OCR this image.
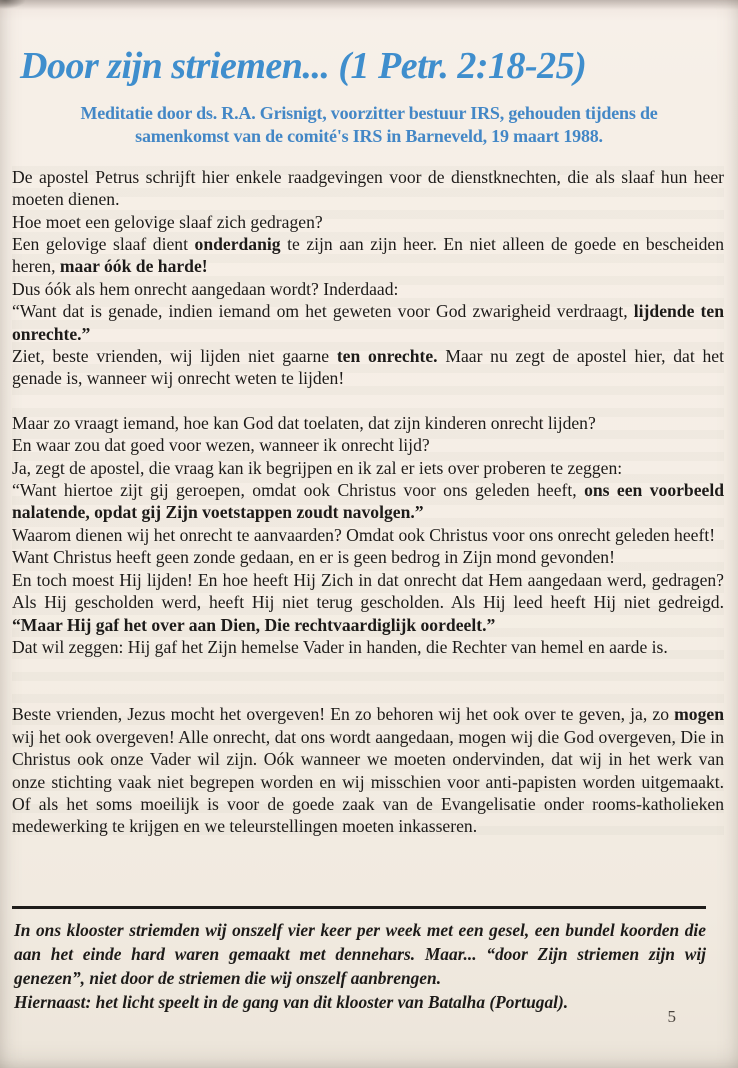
Door zijn striemen... (1 Petr. 2:18-25)
Meditatie door ds. R.A. Grisnigt, voorzitter bestuur IRS, gehouden tijdens de samenkomst van de comité's IRS in Barneveld, 19 maart 1988.

De apostel Petrus schrijft hier enkele raadgevingen voor de dienstknechten, die als slaaf hun heer moeten dienen.

Hoe moet een gelovige slaaf zich gedragen?

Een gelovige slaaf dient onderdanig te zijn aan zijn heer. En niet alleen de goede en bescheiden heren, maar óók de harde!

Dus óók als hem onrecht aangedaan wordt? Inderdaad:

“Want dat is genade, indien iemand om het geweten voor God zwarigheid verdraagt, lijdende ten onrechte.”

Ziet, beste vrienden, wij lijden niet gaarne ten onrechte. Maar nu zegt de apostel hier, dat het genade is, wanneer wij onrecht weten te lijden!

Maar zo vraagt iemand, hoe kan God dat toelaten, dat zijn kinderen onrecht lijden?

En waar zou dat goed voor wezen, wanneer ik onrecht lijd?

Ja, zegt de apostel, die vraag kan ik begrijpen en ik zal er iets over proberen te zeggen:

“Want hiertoe zijt gij geroepen, omdat ook Christus voor ons geleden heeft, ons een voorbeeld nalatende, opdat gij Zijn voetstappen zoudt navolgen.”

Waarom dienen wij het onrecht te aanvaarden? Omdat ook Christus voor ons onrecht geleden heeft!

Want Christus heeft geen zonde gedaan, en er is geen bedrog in Zijn mond gevonden!

En toch moest Hij lijden! En hoe heeft Hij Zich in dat onrecht dat Hem aangedaan werd, gedragen? Als Hij gescholden werd, heeft Hij niet terug gescholden. Als Hij leed heeft Hij niet gedreigd. “Maar Hij gaf het over aan Dien, Die rechtvaardiglijk oordeelt.”

Dat wil zeggen: Hij gaf het Zijn hemelse Vader in handen, die Rechter van hemel en aarde is.

Beste vrienden, Jezus mocht het overgeven! En zo behoren wij het ook over te geven, ja, zo mogen wij het ook overgeven! Alle onrecht, dat ons wordt aangedaan, mogen wij die God overgeven, Die in Christus ook onze Vader wil zijn. Oók wanneer we moeten ondervinden, dat wij in het werk van onze stichting vaak niet begrepen worden en wij misschien voor anti-papisten worden uitgemaakt. Of als het soms moeilijk is voor de goede zaak van de Evangelisatie onder rooms-katholieken medewerking te krijgen en we teleurstellingen moeten inkasseren.

In ons klooster striemden wij onszelf vier keer per week met een gesel, een bundel koorden die aan het einde hard waren gemaakt met dennehars. Maar... “door Zijn striemen zijn wij genezen”, niet door de striemen die wij onszelf aanbrengen.

Hiernaast: het licht speelt in de gang van dit klooster van Batalha (Portugal).

5
